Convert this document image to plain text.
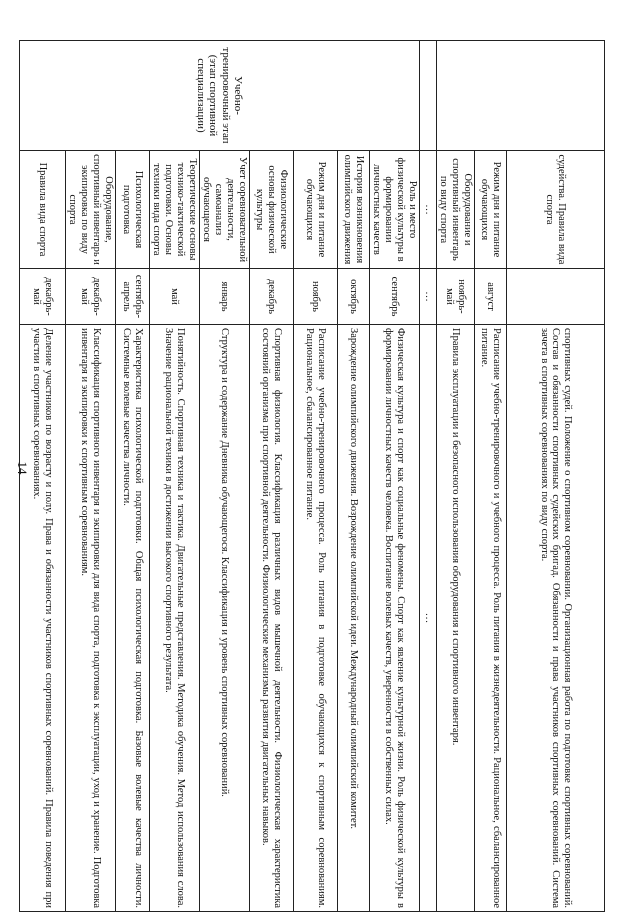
14
	судейства. Правила вида спорта		спортивных судей. Положение о спортивном соревновании. Организационная работа по подготовке спортивных соревнований. Состав и обязанности спортивных судейских бригад. Обязанности и права участников спортивных соревнований. Система зачета в спортивных соревнованиях по виду спорта.
	Режим дня и питание обучающихся	август	Расписание учебно-тренировочного и учебного процесса. Роль питания в жизнедеятельности. Рациональное, сбалансированное питание.
	Оборудование и спортивный инвентарь по виду спорта	ноябрь-май	Правила эксплуатации и безопасного использования оборудования и спортивного инвентаря.
	…	…	…
Учебно-тренировочный этап (этап спортивной специализации)	Роль и место физической культуры в формировании личностных качеств	сентябрь	Физическая культура и спорт как социальные феномены. Спорт как явление культурной жизни. Роль физической культуры в формировании личностных качеств человека. Воспитание волевых качеств, уверенности в собственных силах.
	История возникновения олимпийского движения	октябрь	Зарождение олимпийского движения. Возрождение олимпийской идеи. Международный олимпийский комитет.
	Режим дня и питание обучающихся	ноябрь	Расписание учебно-тренировочного процесса. Роль питания в подготовке обучающихся к спортивным соревнованиям. Рациональное, сбалансированное питание.
	Физиологические основы физической культуры	декабрь	Спортивная физиология. Классификация различных видов мышечной деятельности. Физиологическая характеристика состояний организма при спортивной деятельности. Физиологические механизмы развития двигательных навыков.
	Учет соревновательной деятельности, самоанализ обучающегося	январь	Структура и содержание Дневника обучающегося. Классификация и уровень спортивных соревнований.
	Теоретические основы технико-тактической подготовки. Основы техники вида спорта	май	Понятийность. Спортивная техника и тактика. Двигательные представления. Методика обучения. Метод использования слова. Значение рациональной техники в достижении высокого спортивного результата.
	Психологическая подготовка	сентябрь-апрель	Характеристика психологической подготовки. Общая психологическая подготовка. Базовые волевые качества личности. Системные волевые качества личности.
	Оборудование, спортивный инвентарь и экипировка по виду спорта	декабрь-май	Классификация спортивного инвентаря и экипировки для вида спорта, подготовка к эксплуатации, уход и хранение. Подготовка инвентаря и экипировки к спортивным соревнованиям.
	Правила вида спорта	декабрь-май	Деление участников по возрасту и полу. Права и обязанности участников спортивных соревнований. Правила поведения при участии в спортивных соревнованиях.
